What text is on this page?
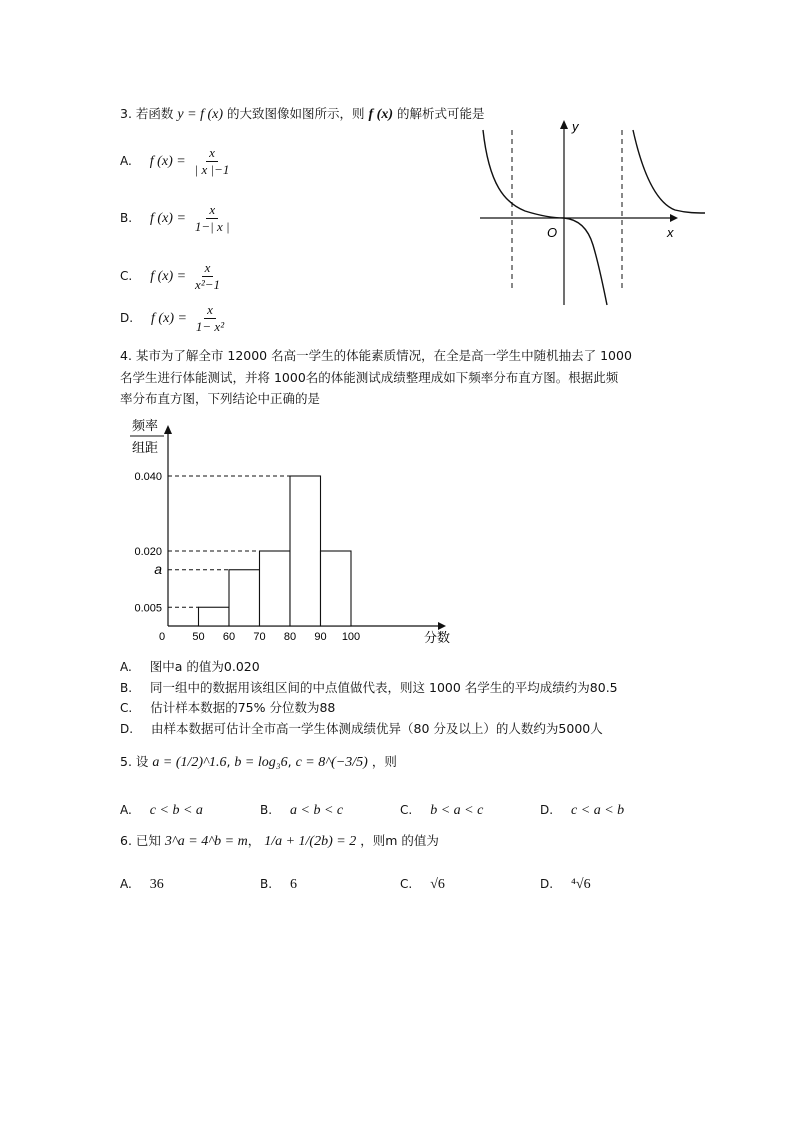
3. 若函数 y = f (x) 的大致图像如图所示，则 f (x) 的解析式可能是
A. f $(x) = \frac{x}{| x |-1}$
B. f $(x) = \frac{x}{1-| x |}$
C. f $(x) = \frac{x}{\text{x²−1}}$
D. f $(x) = \frac{x}{\text{1− x²}}$
y
x
O
4. 某市为了解全市 12000 名高一学生的体能素质情况，在全是高一学生中随机抽去了 1000
名学生进行体能测试，并将 1000名的体能测试成绩整理成如下频率分布直方图。根据此频
率分布直方图，下列结论中正确的是
0.040
0.020
a
0.005
0 50 60 70 80 90 100
频率
组距
分数
A. 图中a 的值为0.020
B. 同一组中的数据用该组区间的中点值做代表，则这 1000 名学生的平均成绩约为80.5
C. 估计样本数据的75% 分位数为88
D. 由样本数据可估计全市高一学生体测成绩优异（80 分及以上）的人数约为5000人
5. 设 a = (1/2)^1.6, b = log₃6, c = 8^(−3/5) ，则
A. c < b < a	B. a < b < c	C. b < a < c	D. c < a < b
6. 已知 3^a = 4^b = m， 1/a + 1/(2b) = 2 ，则m 的值为
A. 36	B. 6	C. √6	D. ⁴√6
